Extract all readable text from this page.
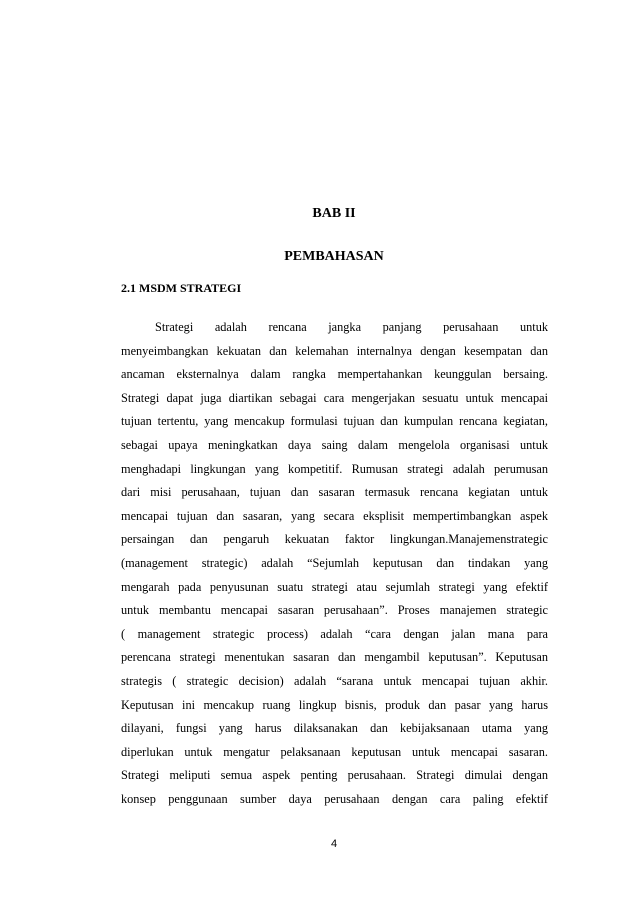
BAB II
PEMBAHASAN
2.1 MSDM STRATEGI
Strategi adalah rencana jangka panjang perusahaan untuk
menyeimbangkan kekuatan dan kelemahan internalnya dengan kesempatan dan
ancaman eksternalnya dalam rangka mempertahankan keunggulan bersaing.
Strategi dapat juga diartikan sebagai cara mengerjakan sesuatu untuk mencapai
tujuan tertentu, yang mencakup formulasi tujuan dan kumpulan rencana kegiatan,
sebagai upaya meningkatkan daya saing dalam mengelola organisasi untuk
menghadapi lingkungan yang kompetitif. Rumusan strategi adalah perumusan
dari misi perusahaan, tujuan dan sasaran termasuk rencana kegiatan untuk
mencapai tujuan dan sasaran, yang secara eksplisit mempertimbangkan aspek
persaingan dan pengaruh kekuatan faktor lingkungan.Manajemenstrategic
(management strategic) adalah “Sejumlah keputusan dan tindakan yang
mengarah pada penyusunan suatu strategi atau sejumlah strategi yang efektif
untuk membantu mencapai sasaran perusahaan”. Proses manajemen strategic
( management strategic process) adalah “cara dengan jalan mana para
perencana strategi menentukan sasaran dan mengambil keputusan”. Keputusan
strategis ( strategic decision) adalah “sarana untuk mencapai tujuan akhir.
Keputusan ini mencakup ruang lingkup bisnis, produk dan pasar yang harus
dilayani, fungsi yang harus dilaksanakan dan kebijaksanaan utama yang
diperlukan untuk mengatur pelaksanaan keputusan untuk mencapai sasaran.
Strategi meliputi semua aspek penting perusahaan. Strategi dimulai dengan
konsep penggunaan sumber daya perusahaan dengan cara paling efektif
4
